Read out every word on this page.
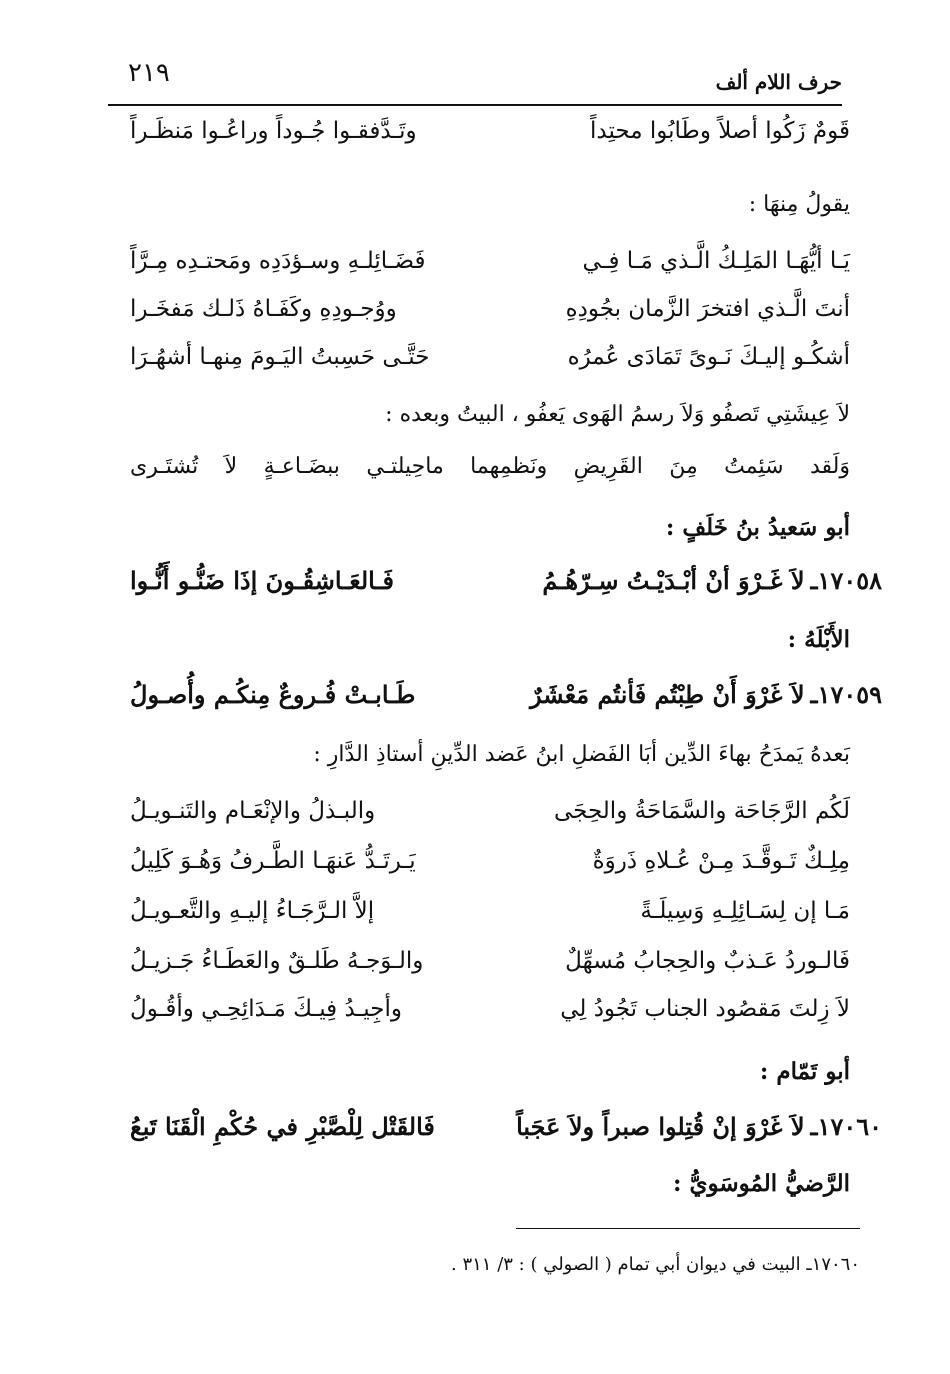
٢١٩	حرف اللام ألف
قَومٌ زَكُوا أصلاً وطَابُوا محتِداً
وتَـدَّفقـوا جُـوداً وراعُـوا مَنظَـراً
يقولُ مِنهَا :
يَـا أيُّهَـا المَلِـكُ الَّـذي مَـا فِـي
فَضَـائِلـهِ وسـؤدَدِه ومَحتـدِه مِـرَّاً
أنتَ الَّـذي افتخرَ الزَّمان بجُودِهِ
ووُجـودِهِ وكَفَـاهُ ذَلـك مَفخَـرا
أشكُـو إليـكَ نَـوىً تَمَادَى عُمرُه
حَتَّـى حَسِبتُ اليَـومَ مِنهـا أشهُـرَا
لاَ عِيشَتِي تَصفُو وَلاَ رسمُ الهَوى يَعفُو ، البيتُ وبعده :
وَلَقد سَئِمتُ مِنَ القَرِيضِ ونَظمِهما ماحِيلتـي ببضَـاعـةٍ لاَ تُشتَـرى
أبو سَعيدُ بنُ خَلَفٍ :
١٧٠٥٨ـ
لاَ غَـرْوَ أنْ أبْـدَيْـتُ سِـرّهُـمُ
فَـالعَـاشِقُـونَ إذَا ضَنُّـو أَنُّـوا
الأَبْلَهُ :
١٧٠٥٩ـ
لاَ غَرْوَ أَنْ طِبْتُم فَأنتُم مَعْشَرٌ
طَـابـتْ فُـروعٌ مِنكُـم وأُصـولُ
بَعدهُ يَمدَحُ بهاءَ الدِّين أبَا الفَضلِ ابنُ عَضد الدِّينِ أستاذِ الدَّارِ :
لَكُم الرَّجَاحَة والسَّمَاحَةُ والحِجَى
والبـذلُ والإنْعَـام والتَنـويـلُ
مِلِـكٌ تَـوقَّـدَ مِـنْ عُـلاهِ ذَروَةٌ
يَـرتَـدُّ عَنهَـا الطَّـرفُ وَهُـوَ كَلِيلُ
مَـا إن لِسَـائِلِـهِ وَسِيلَـةً
إلاَّ الـرَّجَـاءُ إليـهِ والتَّعـويـلُ
فَالـوردُ عَـذبٌ والحِجابُ مُسهِّلٌ
والـوَجـهُ طَلـقٌ والعَطَـاءُ جَـزيـلُ
لاَ زِلتَ مَقصُود الجناب تَجُودُ لِي
وأجِيـدُ فِيـكَ مَـدَائِحِـي وأقُـولُ
أبو تَمّام :
١٧٠٦٠ـ
لاَ غَرْوَ إنْ قُتِلوا صبراً ولاَ عَجَباً
فَالقَتْل لِلْصَّبْرِ في حُكْمِ الْقَنَا تَبعُ
الرَّضيُّ المُوسَويُّ :
١٧٠٦٠ـ البيت في ديوان أبي تمام ( الصولي ) : ٣/ ٣١١ .
